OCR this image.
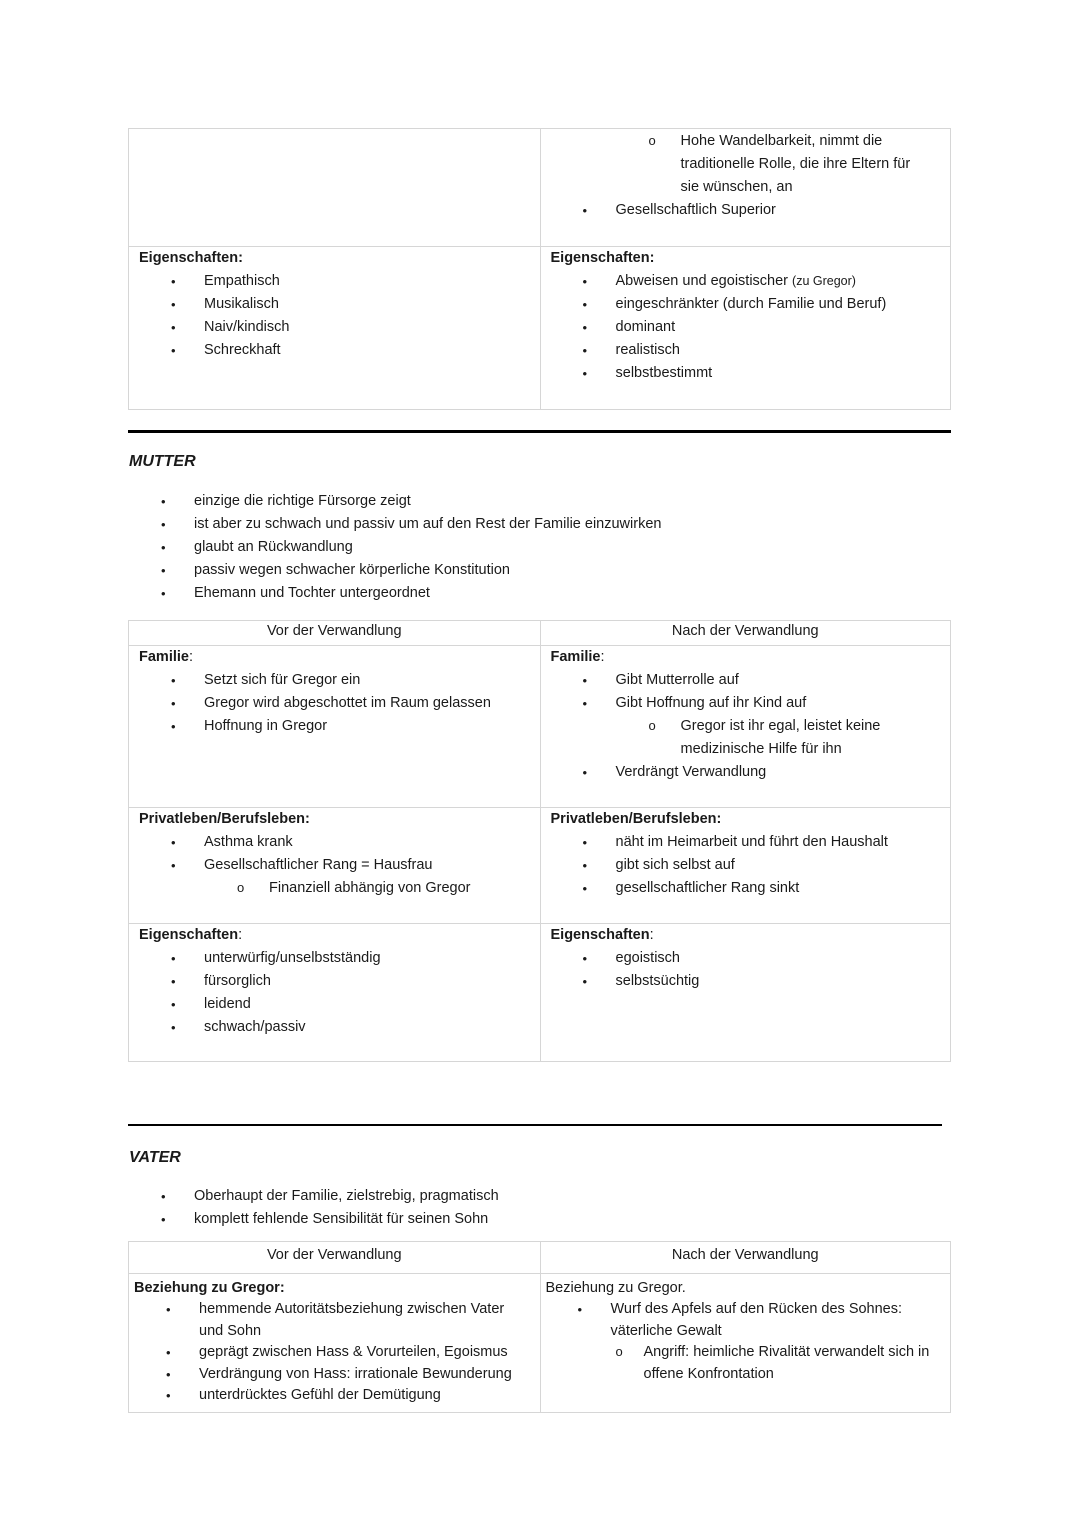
o Hohe Wandelbarkeit, nimmt die traditionelle Rolle, die ihre Eltern für sie wünschen, an
• Gesellschaftlich Superior
Eigenschaften:
• Empathisch
• Musikalisch
• Naiv/kindisch
• Schreckhaft
Eigenschaften:
• Abweisen und egoistischer (zu Gregor)
• eingeschränkter (durch Familie und Beruf)
• dominant
• realistisch
• selbstbestimmt
MUTTER
• einzige die richtige Fürsorge zeigt
• ist aber zu schwach und passiv um auf den Rest der Familie einzuwirken
• glaubt an Rückwandlung
• passiv wegen schwacher körperliche Konstitution
• Ehemann und Tochter untergeordnet
Vor der Verwandlung	Nach der Verwandlung
Familie:
• Setzt sich für Gregor ein
• Gregor wird abgeschottet im Raum gelassen
• Hoffnung in Gregor
Familie:
• Gibt Mutterrolle auf
• Gibt Hoffnung auf ihr Kind auf
o Gregor ist ihr egal, leistet keine medizinische Hilfe für ihn
• Verdrängt Verwandlung
Privatleben/Berufsleben:
• Asthma krank
• Gesellschaftlicher Rang = Hausfrau
o Finanziell abhängig von Gregor
Privatleben/Berufsleben:
• näht im Heimarbeit und führt den Haushalt
• gibt sich selbst auf
• gesellschaftlicher Rang sinkt
Eigenschaften:
• unterwürfig/unselbstständig
• fürsorglich
• leidend
• schwach/passiv
Eigenschaften:
• egoistisch
• selbstsüchtig
VATER
• Oberhaupt der Familie, zielstrebig, pragmatisch
• komplett fehlende Sensibilität für seinen Sohn
Vor der Verwandlung	Nach der Verwandlung
Beziehung zu Gregor:
• hemmende Autoritätsbeziehung zwischen Vater und Sohn
• geprägt zwischen Hass & Vorurteilen, Egoismus
• Verdrängung von Hass: irrationale Bewunderung
• unterdrücktes Gefühl der Demütigung
Beziehung zu Gregor.
• Wurf des Apfels auf den Rücken des Sohnes: väterliche Gewalt
o Angriff: heimliche Rivalität verwandelt sich in offene Konfrontation
